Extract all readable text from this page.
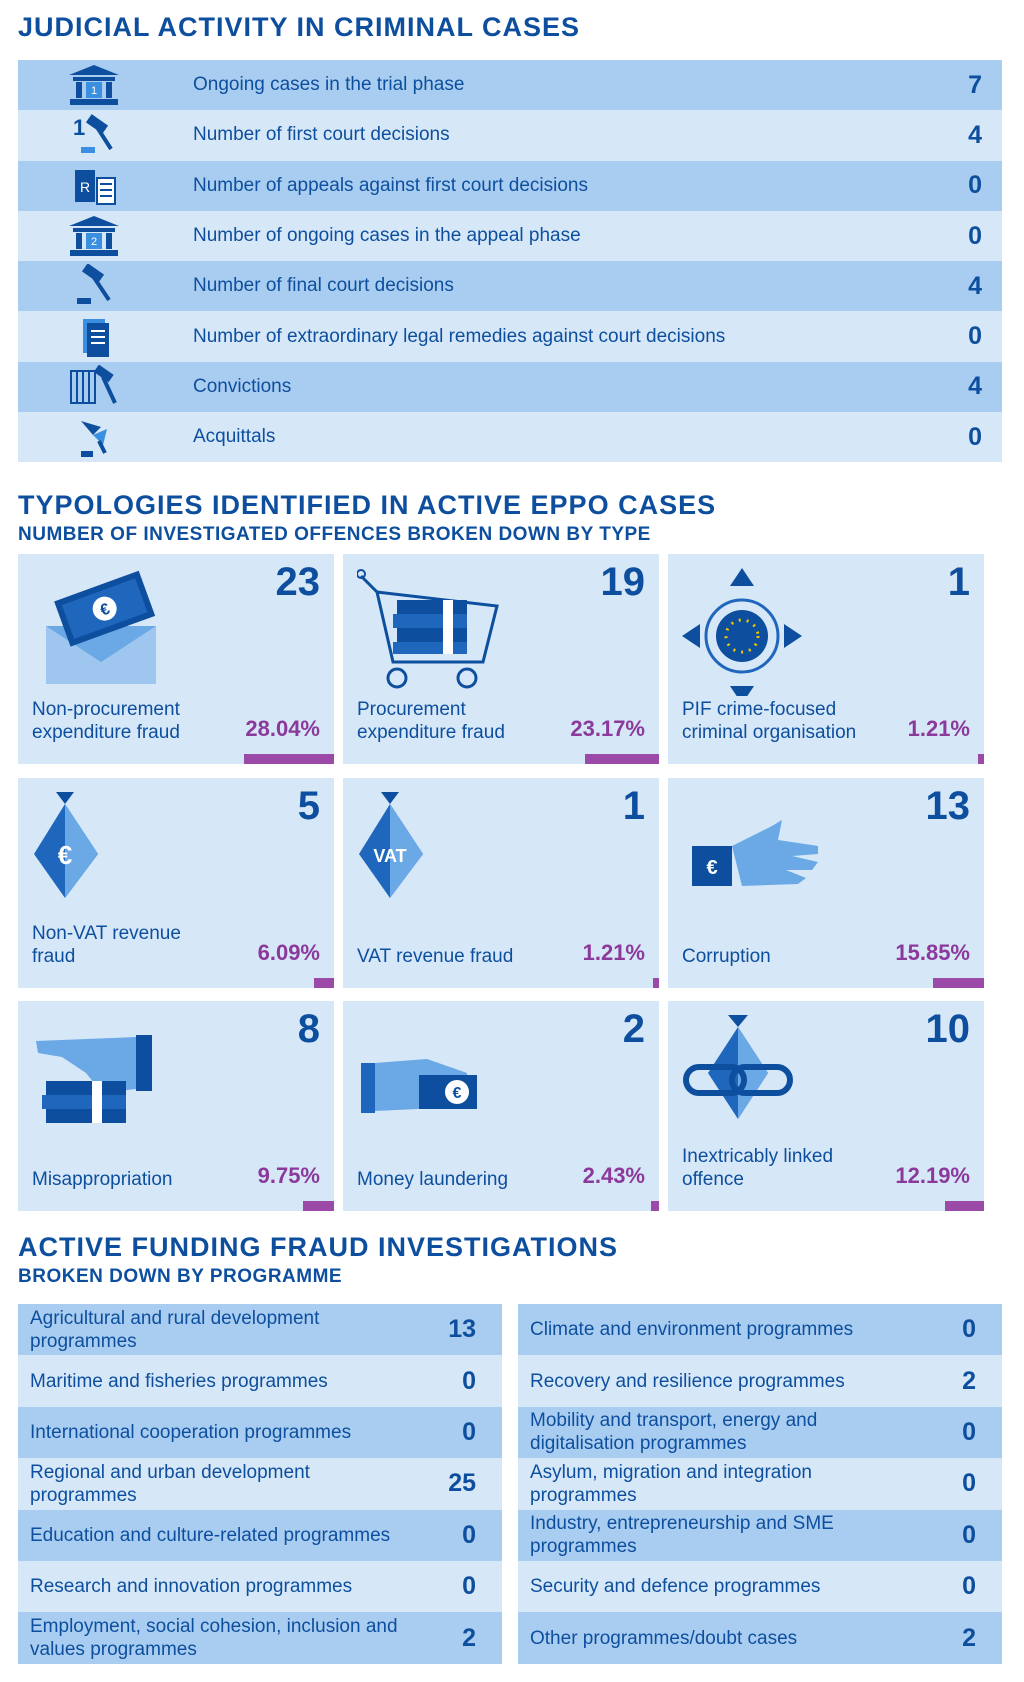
JUDICIAL ACTIVITY IN CRIMINAL CASES
1	Ongoing cases in the trial phase	7
1	Number of first court decisions	4
R	Number of appeals against first court decisions	0
2	Number of ongoing cases in the appeal phase	0
Number of final court decisions	4
Number of extraordinary legal remedies against court decisions	0
Convictions	4
Acquittals	0
TYPOLOGIES IDENTIFIED IN ACTIVE EPPO CASES
NUMBER OF INVESTIGATED OFFENCES BROKEN DOWN BY TYPE
€
23
Non-procurement expenditure fraud	28.04%
19
Procurement expenditure fraud	23.17%
1
PIF crime-focused criminal organisation	1.21%
€
5
Non-VAT revenue fraud	6.09%
VAT
1
VAT revenue fraud	1.21%
€
13
Corruption	15.85%
8
Misappropriation	9.75%
€
2
Money laundering	2.43%
10
Inextricably linked offence	12.19%
ACTIVE FUNDING FRAUD INVESTIGATIONS
BROKEN DOWN BY PROGRAMME
Agricultural and rural development programmes	13
Maritime and fisheries programmes	0
International cooperation programmes	0
Regional and urban development programmes	25
Education and culture-related programmes	0
Research and innovation programmes	0
Employment, social cohesion, inclusion and values programmes	2
Climate and environment programmes	0
Recovery and resilience programmes	2
Mobility and transport, energy and digitalisation programmes	0
Asylum, migration and integration programmes	0
Industry, entrepreneurship and SME programmes	0
Security and defence programmes	0
Other programmes/doubt cases	2
